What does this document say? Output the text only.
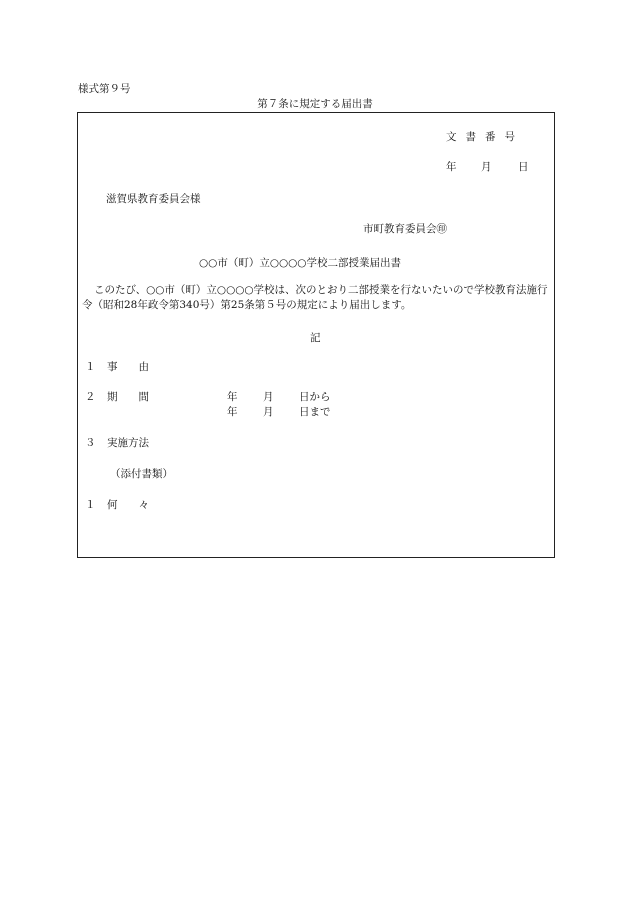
様式第９号
第７条に規定する届出書
文書番号
年 月	日
滋賀県教育委員会様
市町教育委員会㊞
○○市（町）立○○○○学校二部授業届出書
このたび、○○市（町）立○○○○学校は、次のとおり二部授業を行ないたいので学校教育法施行令（昭和28年政令第340号）第25条第５号の規定により届出します。
記
１ 事　　由
２ 期　　間	年 月 日から
年 月 日まで
３ 実施方法
（添付書類）
１ 何　　々
